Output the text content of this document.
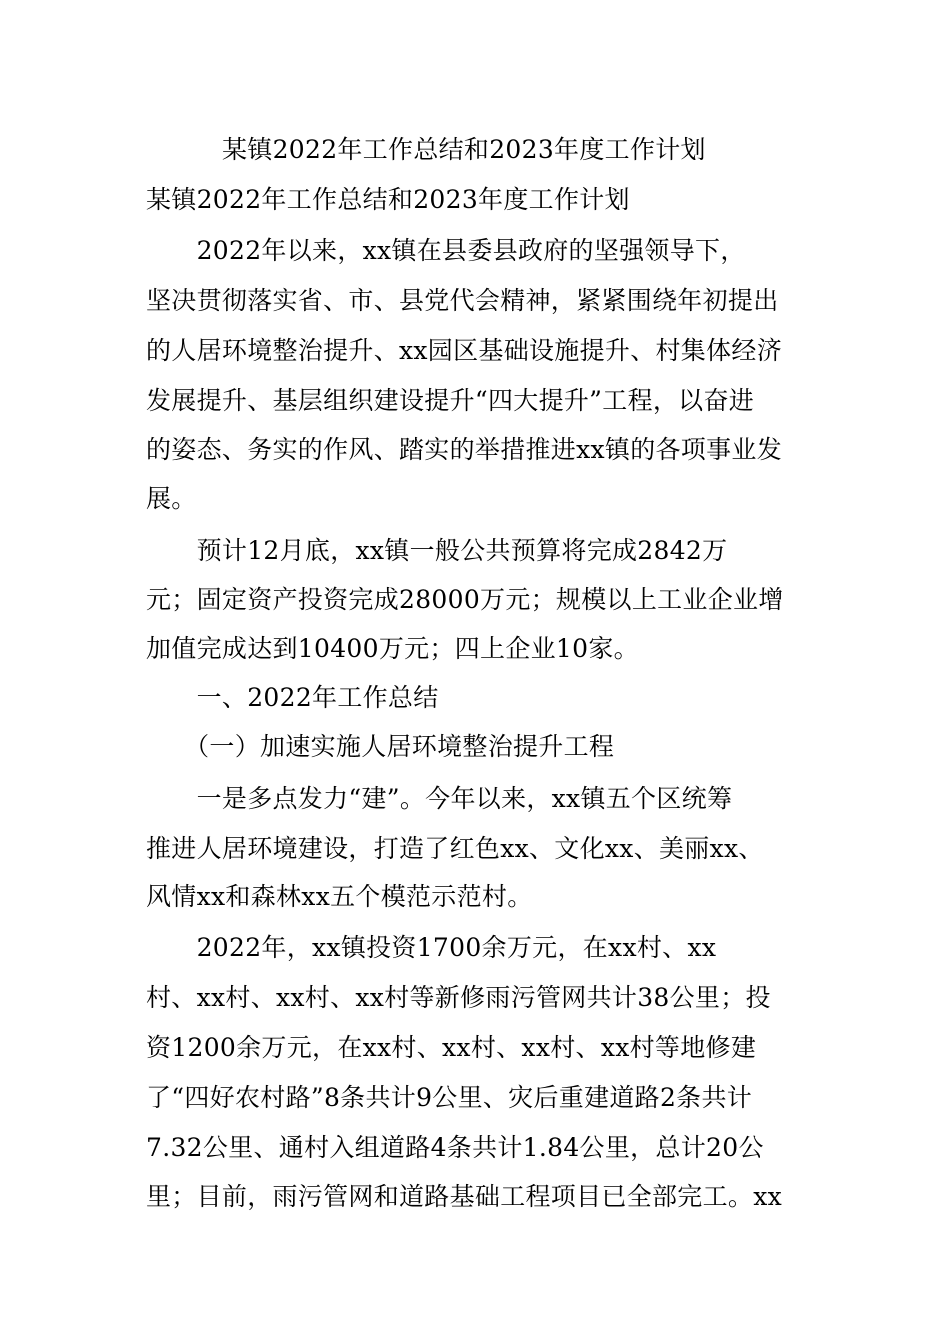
某镇2022年工作总结和2023年度工作计划
某镇2022年工作总结和2023年度工作计划
　　2022年以来，xx镇在县委县政府的坚强领导下，
坚决贯彻落实省、市、县党代会精神，紧紧围绕年初提出
的人居环境整治提升、xx园区基础设施提升、村集体经济
发展提升、基层组织建设提升“四大提升”工程，以奋进
的姿态、务实的作风、踏实的举措推进xx镇的各项事业发
展。
　　预计12月底，xx镇一般公共预算将完成2842万
元；固定资产投资完成28000万元；规模以上工业企业增
加值完成达到10400万元；四上企业10家。
　　一、2022年工作总结
　　（一）加速实施人居环境整治提升工程
　　一是多点发力“建”。今年以来，xx镇五个区统筹
推进人居环境建设，打造了红色xx、文化xx、美丽xx、
风情xx和森林xx五个模范示范村。
　　2022年，xx镇投资1700余万元，在xx村、xx
村、xx村、xx村、xx村等新修雨污管网共计38公里；投
资1200余万元，在xx村、xx村、xx村、xx村等地修建
了“四好农村路”8条共计9公里、灾后重建道路2条共计
7.32公里、通村入组道路4条共计1.84公里，总计20公
里；目前，雨污管网和道路基础工程项目已全部完工。xx
